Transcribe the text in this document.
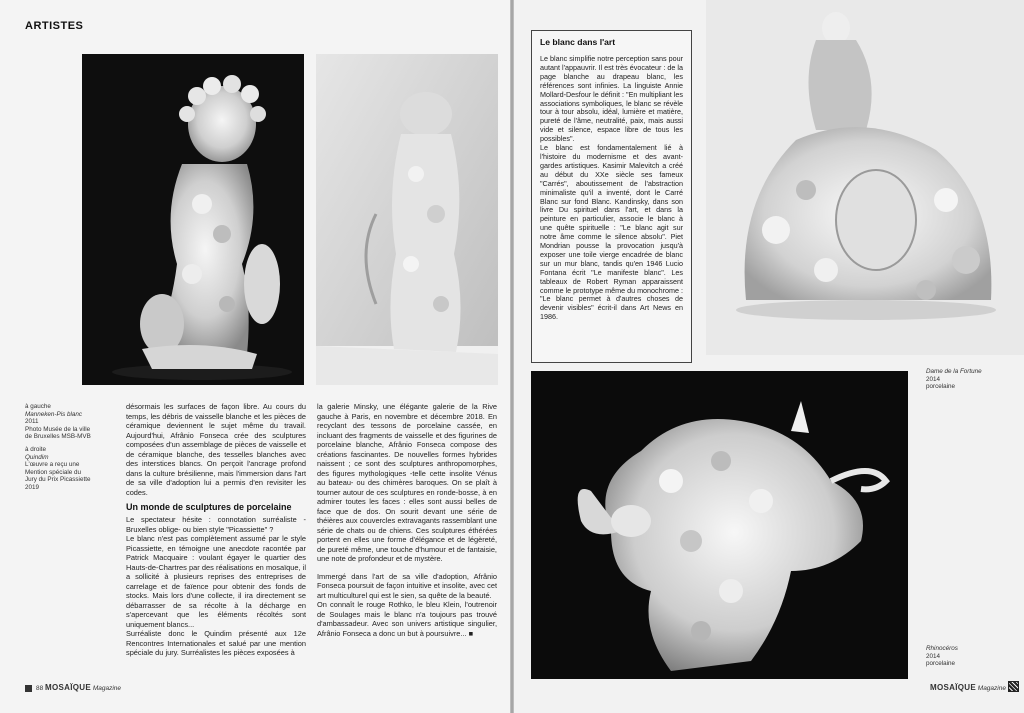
ARTISTES
à gauche
Manneken-Pis blanc
2011
Photo Musée de la ville
de Bruxelles MSB-MVB
à droite
Quindim
L'œuvre a reçu une
Mention spéciale du
Jury du Prix Picassiette
2019

désormais les surfaces de façon libre. Au cours du temps, les débris de vaisselle blanche et les pièces de céramique deviennent le sujet même du travail. Aujourd'hui, Afrânio Fonseca crée des sculptures composées d'un assemblage de pièces de vaisselle et de céramique blanche, des tesselles blanches avec des interstices blancs. On perçoit l'ancrage profond dans la culture brésilienne, mais l'immersion dans l'art de sa ville d'adoption lui a permis d'en revisiter les codes.

Un monde de sculptures de porcelaine

Le spectateur hésite : connotation surréaliste -Bruxelles oblige- ou bien style "Picassiette" ?

Le blanc n'est pas complètement assumé par le style Picassiette, en témoigne une anecdote racontée par Patrick Macquaire : voulant égayer le quartier des Hauts-de-Chartres par des réalisations en mosaïque, il a sollicité à plusieurs reprises des entreprises de carrelage et de faïence pour obtenir des fonds de stocks. Mais lors d'une collecte, il ira directement se débarrasser de sa récolte à la décharge en s'apercevant que les éléments récoltés sont uniquement blancs...

Surréaliste donc le Quindim présenté aux 12e Rencontres Internationales et salué par une mention spéciale du jury. Surréalistes les pièces exposées à

la galerie Minsky, une élégante galerie de la Rive gauche à Paris, en novembre et décembre 2018. En recyclant des tessons de porcelaine cassée, en incluant des fragments de vaisselle et des figurines de porcelaine blanche, Afrânio Fonseca compose des créations fascinantes. De nouvelles formes hybrides naissent ; ce sont des sculptures anthropomorphes, des figures mythologiques -telle cette insolite Vénus au bateau- ou des chimères baroques. On se plaît à tourner autour de ces sculptures en ronde-bosse, à en admirer toutes les faces : elles sont aussi belles de face que de dos. On sourit devant une série de théières aux couvercles extravagants rassemblant une série de chats ou de chiens. Ces sculptures éthérées portent en elles une forme d'élégance et de légèreté, de pureté même, une touche d'humour et de fantaisie, une note de profondeur et de mystère.

Immergé dans l'art de sa ville d'adoption, Afrânio Fonseca poursuit de façon intuitive et insolite, avec cet art multiculturel qui est le sien, sa quête de la beauté.

On connaît le rouge Rothko, le bleu Klein, l'outrenoir de Soulages mais le blanc n'a toujours pas trouvé d'ambassadeur. Avec son univers artistique singulier, Afrânio Fonseca a donc un but à poursuivre... ■

88 MOSAÏQUE Magazine
Le blanc dans l'art

Le blanc simplifie notre perception sans pour autant l'appauvrir. Il est très évocateur : de la page blanche au drapeau blanc, les références sont infinies. La linguiste Annie Mollard-Desfour le définit : "En multipliant les associations symboliques, le blanc se révèle tour à tour absolu, idéal, lumière et matière, pureté de l'âme, neutralité, paix, mais aussi vide et silence, espace libre de tous les possibles".

Le blanc est fondamentalement lié à l'histoire du modernisme et des avant-gardes artistiques. Kasimir Malevitch a créé au début du XXe siècle ses fameux "Carrés", aboutissement de l'abstraction minimaliste qu'il a inventé, dont le Carré Blanc sur fond Blanc. Kandinsky, dans son livre Du spirituel dans l'art, et dans la peinture en particulier, associe le blanc à une quête spirituelle : "Le blanc agit sur notre âme comme le silence absolu". Piet Mondrian pousse la provocation jusqu'à exposer une toile vierge encadrée de blanc sur un mur blanc, tandis qu'en 1946 Lucio Fontana écrit "Le manifeste blanc". Les tableaux de Robert Ryman apparaissent comme le prototype même du monochrome : "Le blanc permet à d'autres choses de devenir visibles" écrit-il dans Art News en 1986.

Dame de la Fortune
2014
porcelaine
Rhinocéros
2014
porcelaine
MOSAÏQUE Magazine
